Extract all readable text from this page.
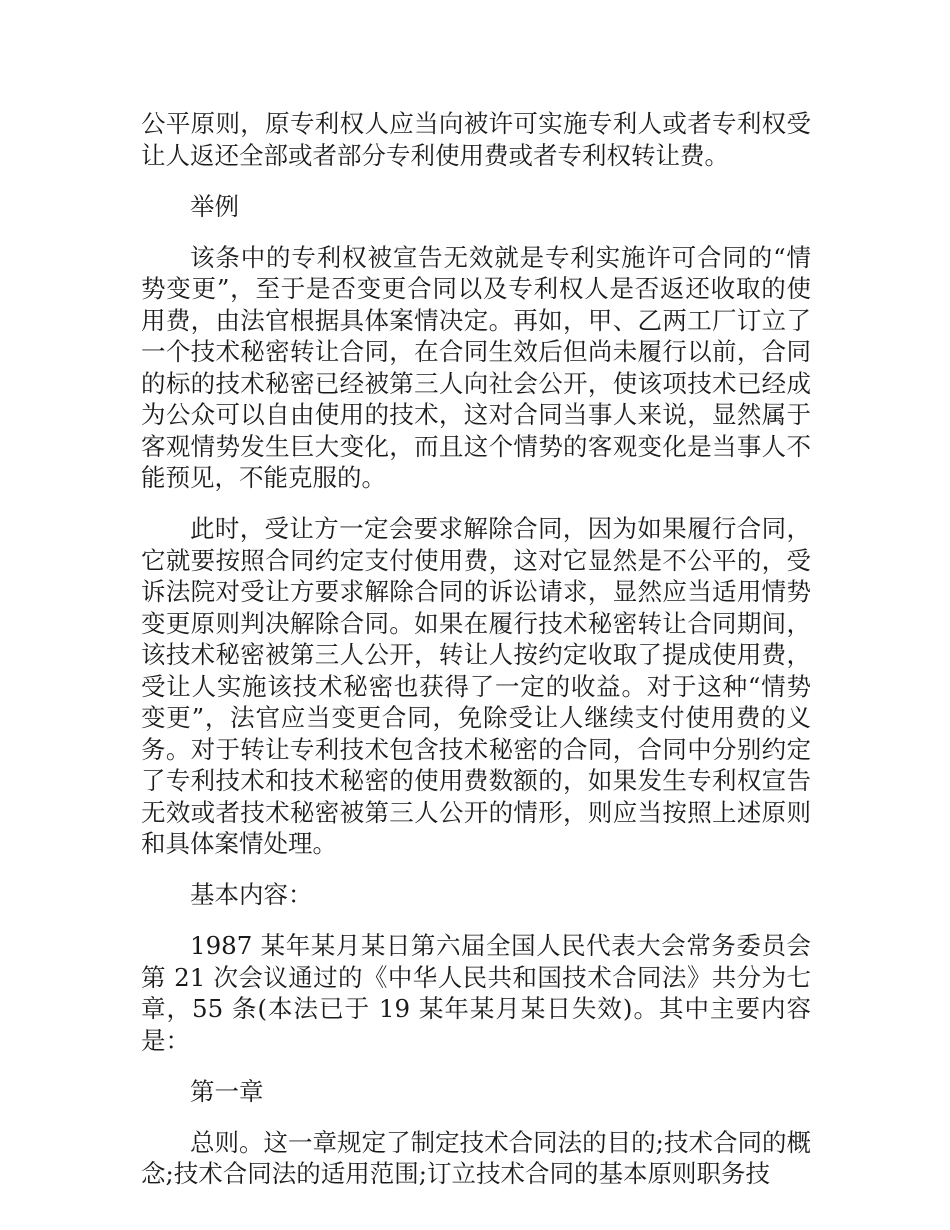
公平原则，原专利权人应当向被许可实施专利人或者专利权受让人返还全部或者部分专利使用费或者专利权转让费。

举例

该条中的专利权被宣告无效就是专利实施许可合同的“情势变更”，至于是否变更合同以及专利权人是否返还收取的使用费，由法官根据具体案情决定。再如，甲、乙两工厂订立了一个技术秘密转让合同，在合同生效后但尚未履行以前，合同的标的技术秘密已经被第三人向社会公开，使该项技术已经成为公众可以自由使用的技术，这对合同当事人来说，显然属于客观情势发生巨大变化，而且这个情势的客观变化是当事人不能预见，不能克服的。

此时，受让方一定会要求解除合同，因为如果履行合同，它就要按照合同约定支付使用费，这对它显然是不公平的，受诉法院对受让方要求解除合同的诉讼请求，显然应当适用情势变更原则判决解除合同。如果在履行技术秘密转让合同期间，该技术秘密被第三人公开，转让人按约定收取了提成使用费，受让人实施该技术秘密也获得了一定的收益。对于这种“情势变更”，法官应当变更合同，免除受让人继续支付使用费的义务。对于转让专利技术包含技术秘密的合同，合同中分别约定了专利技术和技术秘密的使用费数额的，如果发生专利权宣告无效或者技术秘密被第三人公开的情形，则应当按照上述原则和具体案情处理。

基本内容：

1987 某年某月某日第六届全国人民代表大会常务委员会第 21 次会议通过的《中华人民共和国技术合同法》共分为七章，55 条(本法已于 19 某年某月某日失效)。其中主要内容是：

第一章

总则。这一章规定了制定技术合同法的目的;技术合同的概念;技术合同法的适用范围;订立技术合同的基本原则职务技
